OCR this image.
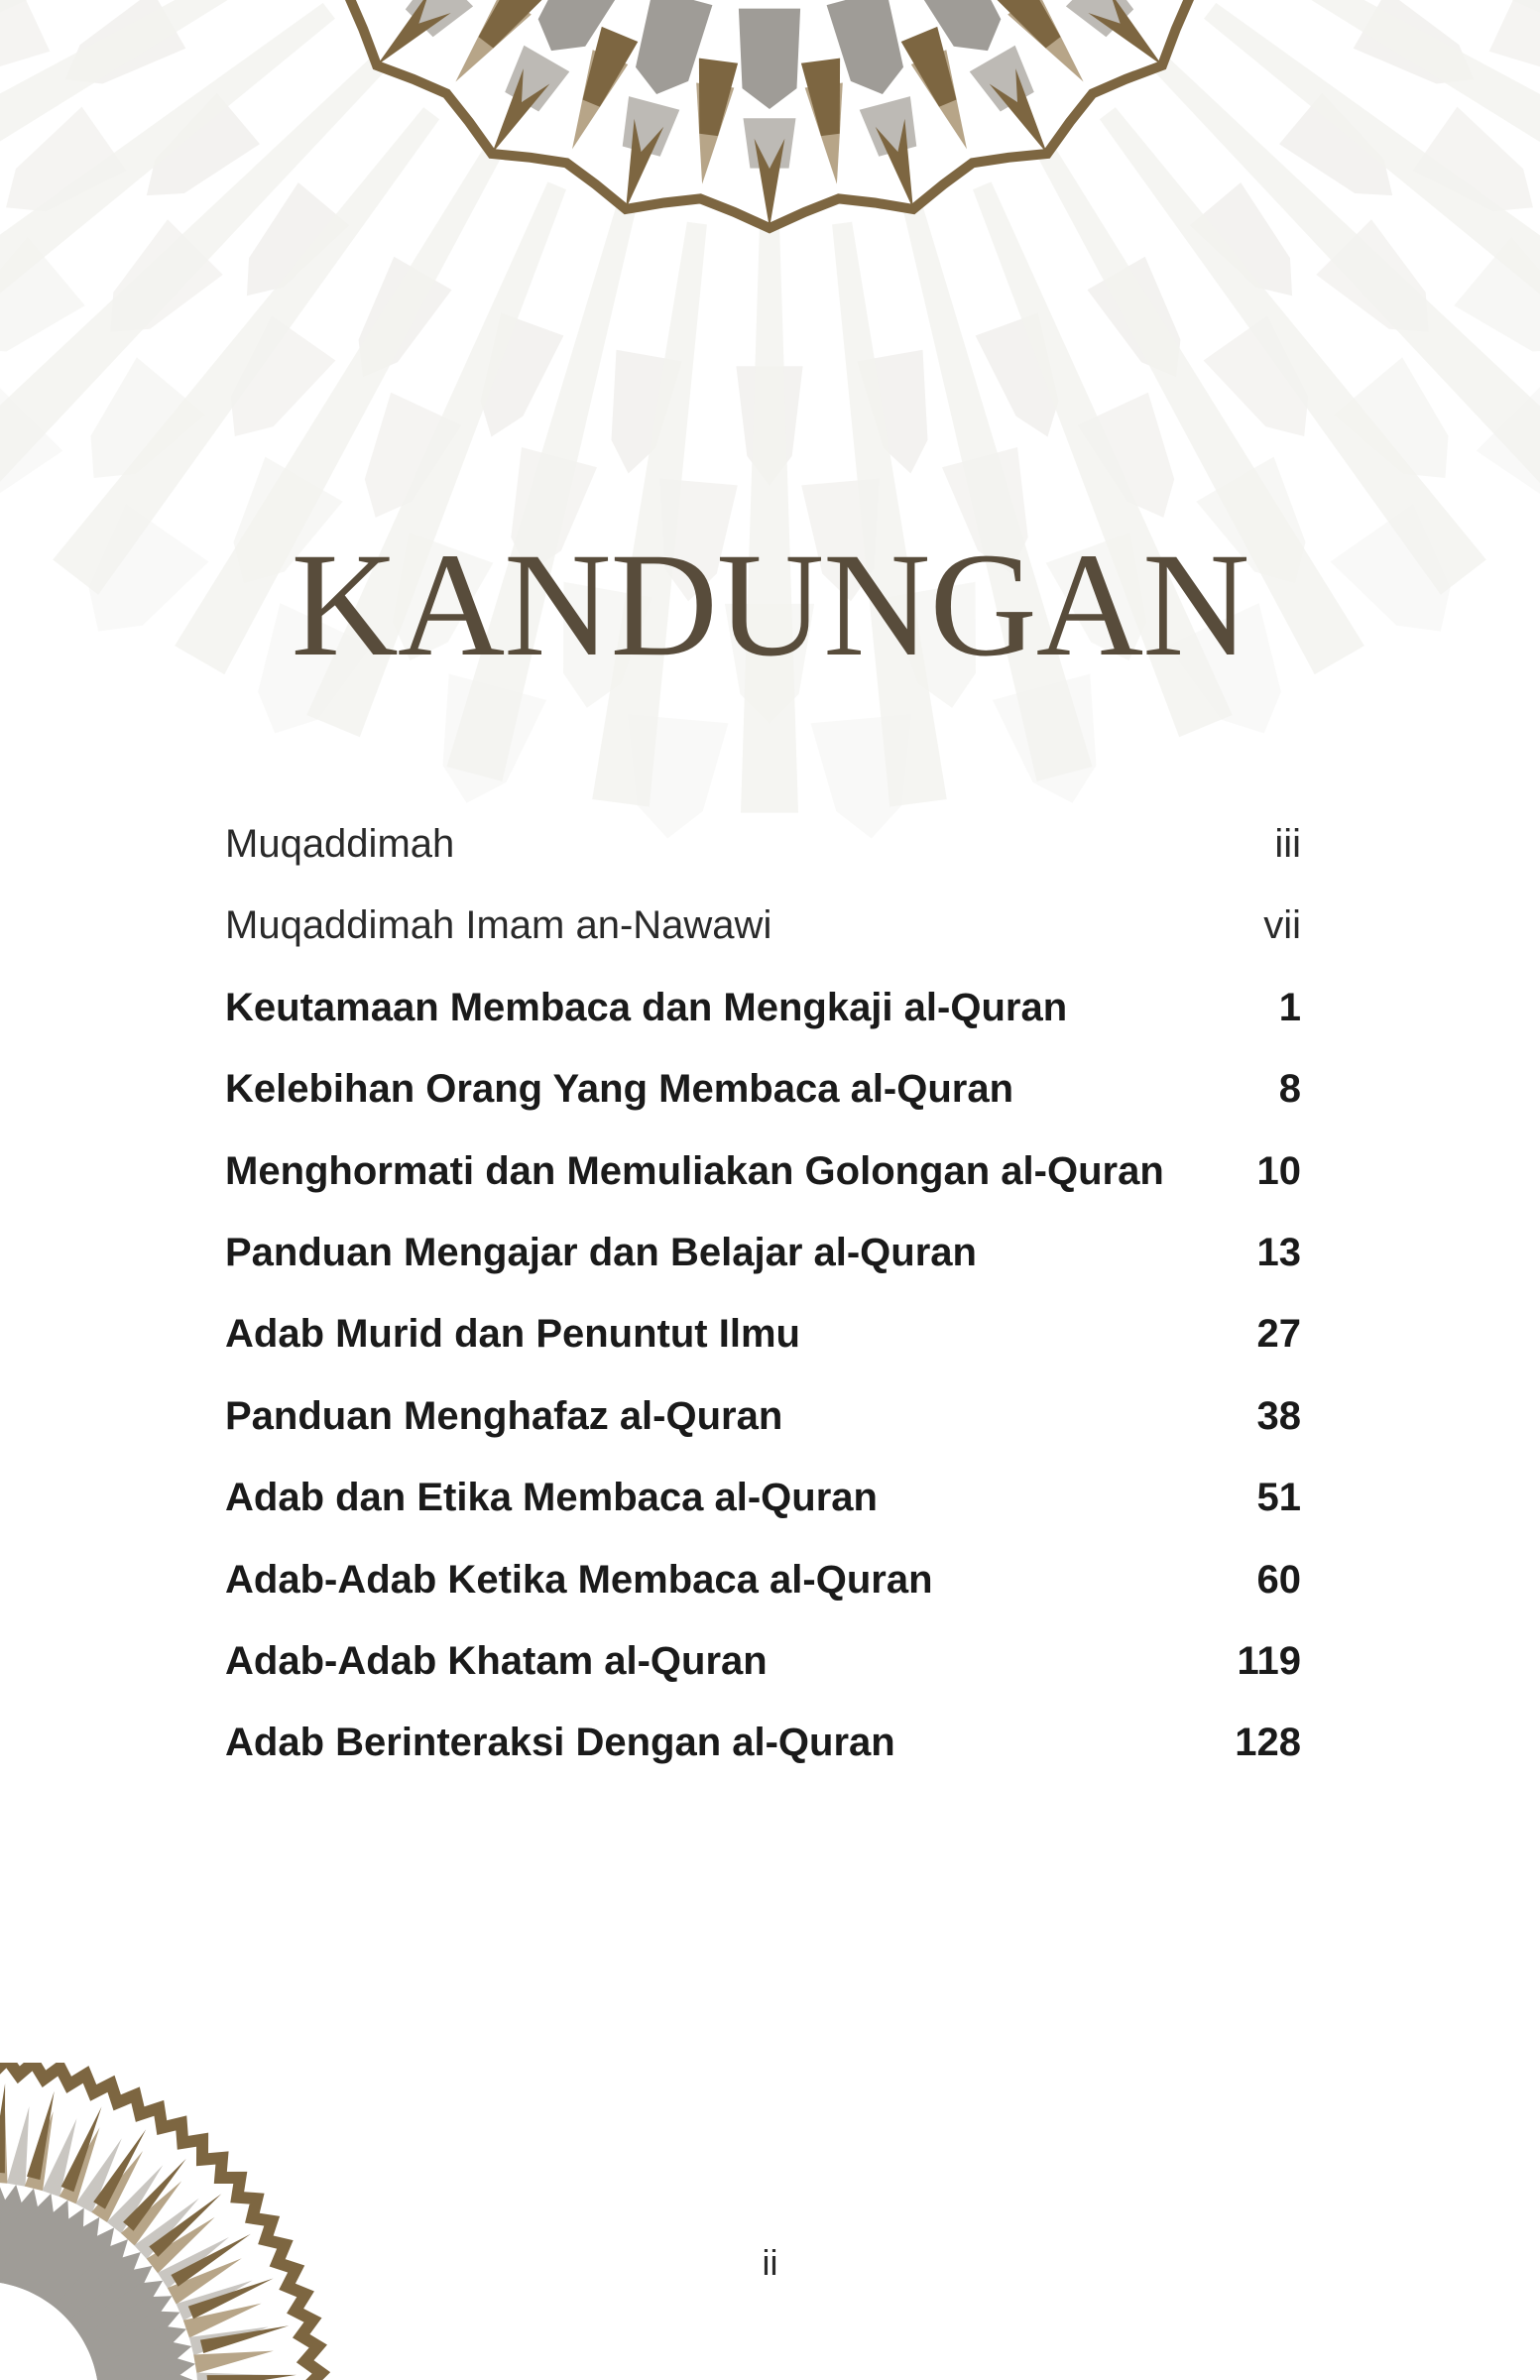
KANDUNGAN
Muqaddimah	iii
Muqaddimah Imam an-Nawawi	vii
Keutamaan Membaca dan Mengkaji al-Quran	1
Kelebihan Orang Yang Membaca al-Quran	8
Menghormati dan Memuliakan Golongan al-Quran	10
Panduan Mengajar dan Belajar al-Quran	13
Adab Murid dan Penuntut Ilmu	27
Panduan Menghafaz al-Quran	38
Adab dan Etika Membaca al-Quran	51
Adab-Adab Ketika Membaca al-Quran	60
Adab-Adab Khatam al-Quran	119
Adab Berinteraksi Dengan al-Quran	128
ii
